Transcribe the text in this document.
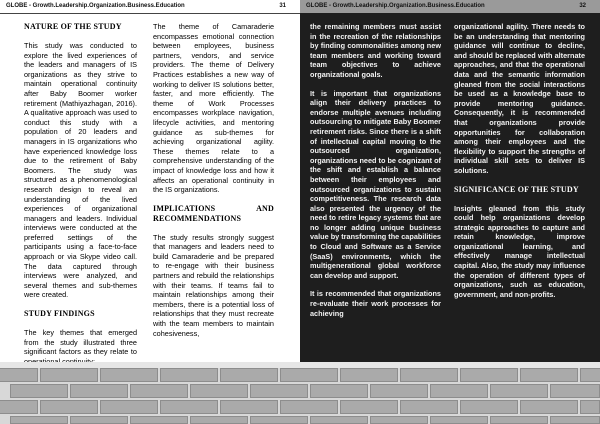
GLOBE - Growth.Leadership.Organization.Business.Education	31
NATURE OF THE STUDY

This study was conducted to explore the lived experiences of the leaders and managers of IS organizations as they strive to maintain operational continuity after Baby Boomer worker retirement (Mathiyazhagan, 2016). A qualitative approach was used to conduct this study with a population of 20 leaders and managers in IS organizations who have experienced knowledge loss due to the retirement of Baby Boomers. The study was structured as a phenomenological research design to reveal an understanding of the lived experiences of organizational managers and leaders. Individual interviews were conducted at the preferred settings of the participants using a face-to-face approach or via Skype video call. The data captured through interviews were analyzed, and several themes and sub-themes were created.

STUDY FINDINGS

The key themes that emerged from the study illustrated three significant factors as they relate to

The theme of Camaraderie encompasses emotional connection between employees, business partners, vendors, and service providers. The theme of Delivery Practices establishes a new way of working to deliver IS solutions better, faster, and more efficiently. The theme of Work Processes encompasses workplace navigation, lifecycle activities, and mentoring guidance as sub-themes for achieving organizational agility. These themes relate to a comprehensive understanding of the impact of knowledge loss and how it affects an operational continuity in the IS organizations.

IMPLICATIONS AND RECOMMENDATIONS

The study results strongly suggest that managers and leaders need to build Camaraderie and be prepared to re-engage with their business partners and rebuild the relationships with their teams. If teams fail to maintain relationships among their members, there is a potential loss of relationships that they must recreate with the team members to maintain cohesiveness,

GLOBE - Growth.Leadership.Organization.Business.Education	32

the remaining members must assist in the recreation of the relationships by finding commonalities among new team members and working toward team objectives to achieve organizational goals.

It is important that organizations align their delivery practices to endorse multiple avenues including outsourcing to mitigate Baby Boomer retirement risks. Since there is a shift of intellectual capital moving to the outsourced organization, organizations need to be cognizant of the shift and establish a balance between their employees and outsourced organizations to sustain competitiveness. The research data also presented the urgency of the need to retire legacy systems that are no longer adding unique business value by transforming the capabilities to Cloud and Software as a Service (SaaS) environments, which the multigenerational global workforce can develop and support.

It is recommended that organizations re-evaluate their work processes for achieving

organizational agility. There needs to be an understanding that mentoring guidance will continue to decline, and should be replaced with alternate approaches, and that the operational data and the semantic information gleaned from the social interactions be used as a knowledge base to provide mentoring guidance. Consequently, it is recommended that organizations provide opportunities for collaboration among their employees and the flexibility to support the strengths of individual skill sets to deliver IS solutions.

SIGNIFICANCE OF THE STUDY

Insights gleaned from this study could help organizations develop strategic approaches to capture and retain knowledge, improve organizational learning, and effectively manage intellectual capital. Also, the study may influence the operation of different types of organizations, such as education, government, and non-profits.
